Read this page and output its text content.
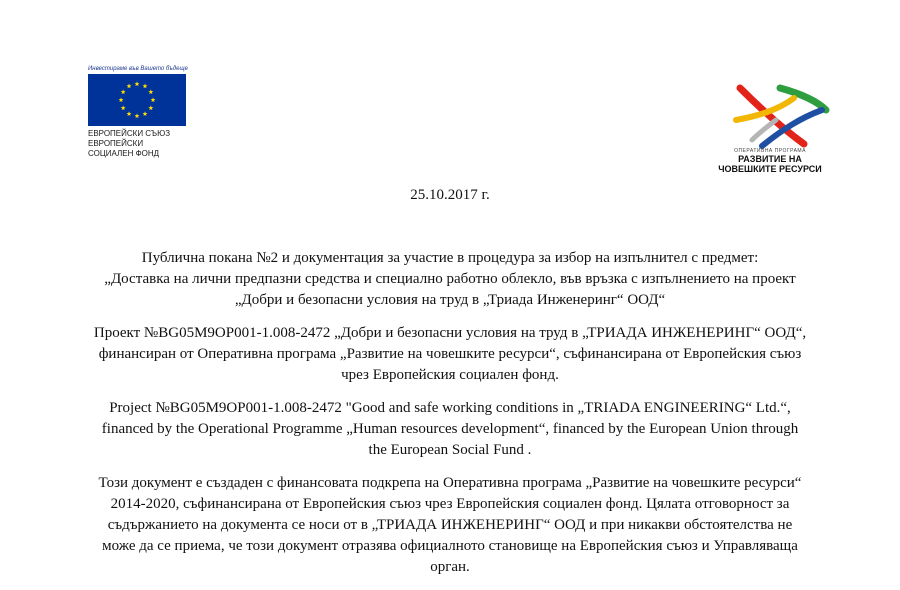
Инвестираме във Вашето бъдеще
ЕВРОПЕЙСКИ СЪЮЗ
ЕВРОПЕЙСКИ
СОЦИАЛЕН ФОНД	ОПЕРАТИВНА ПРОГРАМА
РАЗВИТИЕ НА
ЧОВЕШКИТЕ РЕСУРСИ
25.10.2017 г.

Публична покана №2 и документация за участие в процедура за избор на изпълнител с предмет:
„Доставка на лични предпазни средства и специално работно облекло, във връзка с изпълнението на проект
„Добри и безопасни условия на труд в „Триада Инженеринг“ ООД“

Проект №BG05M9OP001-1.008-2472 „Добри и безопасни условия на труд в „ТРИАДА ИНЖЕНЕРИНГ“ ООД“,
финансиран от Оперативна програма „Развитие на човешките ресурси“, съфинансирана от Европейския съюз
чрез Европейския социален фонд.

Project №BG05M9OP001-1.008-2472 "Good and safe working conditions in „TRIADA ENGINEERING“ Ltd.“,
financed by the Operational Programme „Human resources development“, financed by the European Union through
the European Social Fund .

Този документ е създаден с финансовата подкрепа на Оперативна програма „Развитие на човешките ресурси“
2014-2020, съфинансирана от Европейския съюз чрез Европейския социален фонд. Цялата отговорност за
съдържанието на документа се носи от в „ТРИАДА ИНЖЕНЕРИНГ“ ООД и при никакви обстоятелства не
може да се приема, че този документ отразява официалното становище на Европейския съюз и Управляваща
орган.
